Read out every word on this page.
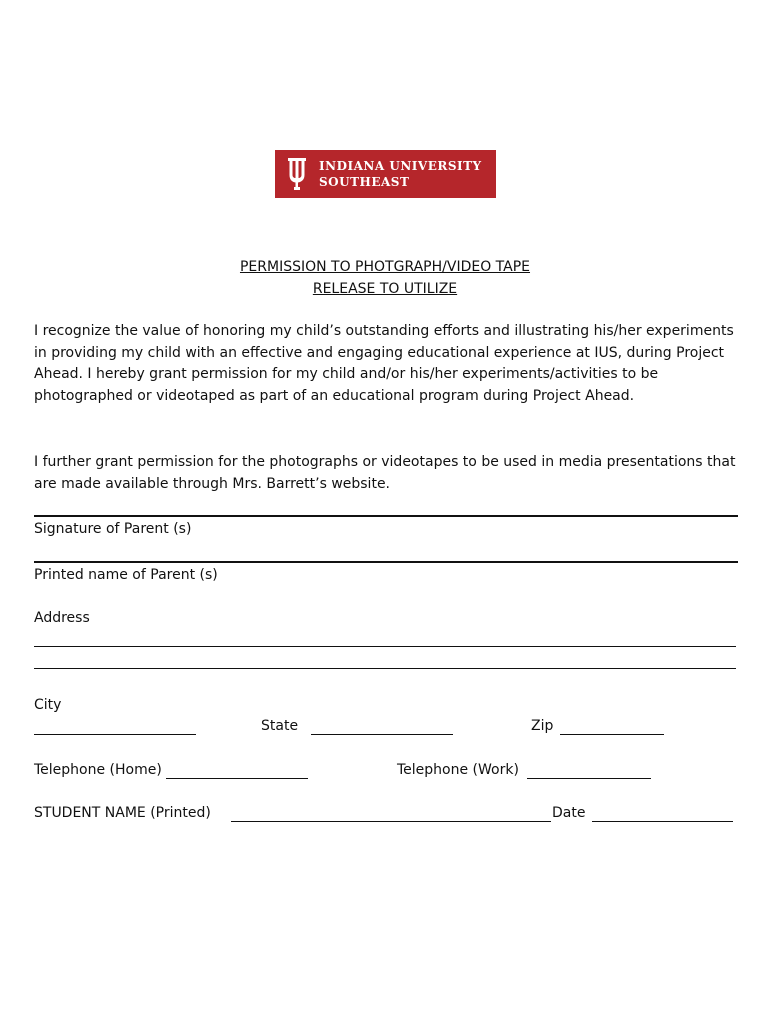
INDIANA UNIVERSITY
SOUTHEAST
PERMISSION TO PHOTGRAPH/VIDEO TAPE
RELEASE TO UTILIZE

I recognize the value of honoring my child’s outstanding efforts and illustrating his/her experiments in providing my child with an effective and engaging educational experience at IUS, during Project Ahead. I hereby grant permission for my child and/or his/her experiments/activities to be photographed or videotaped as part of an educational program during Project Ahead.

I further grant permission for the photographs or videotapes to be used in media presentations that are made available through Mrs. Barrett’s website.

Signature of Parent (s)
Printed name of Parent (s)
Address
City
State	Zip
Telephone (Home)	Telephone (Work)
STUDENT NAME (Printed)	Date
